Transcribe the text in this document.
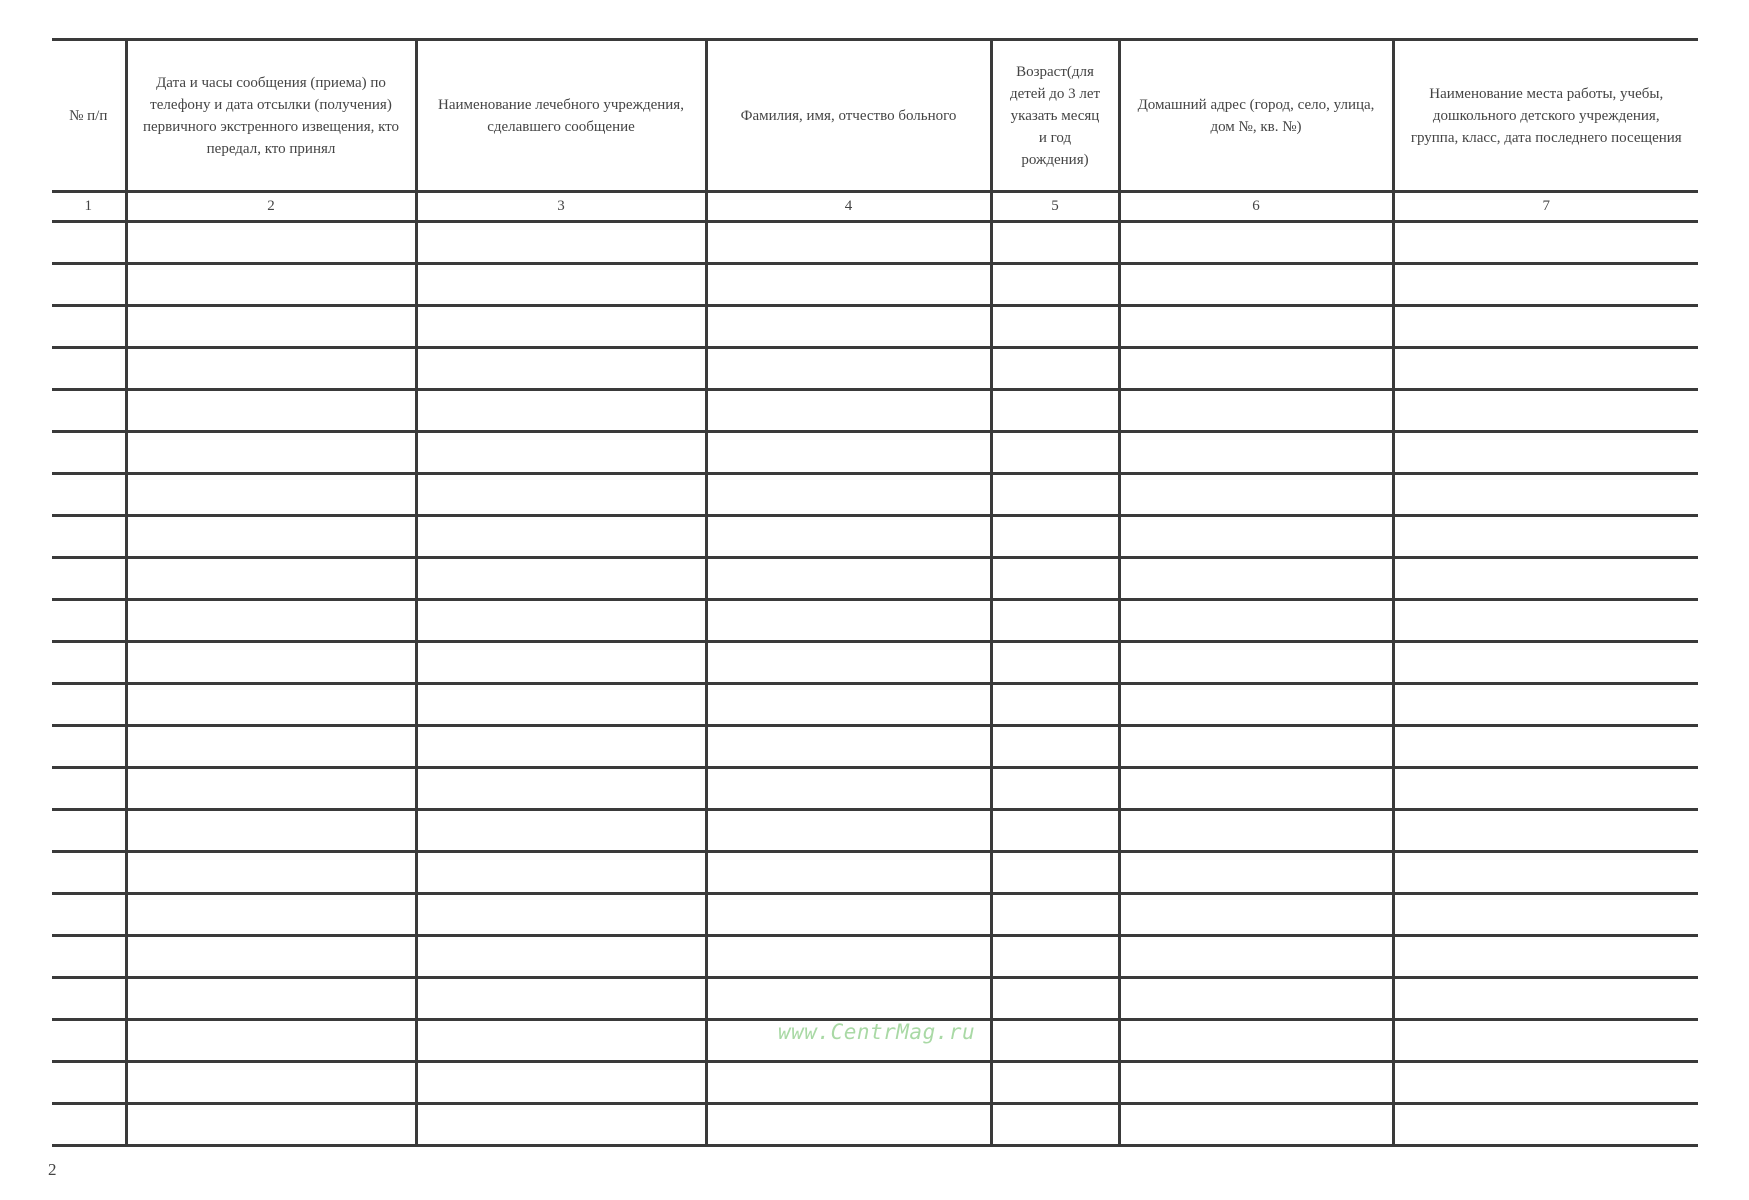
№ п/п	Дата и часы сообщения (приема) по телефону и дата отсылки (получения) первичного экстренного извещения, кто передал, кто принял	Наименование лечебного учреждения, сделавшего сообщение	Фамилия, имя, отчество больного	Возраст(для детей до 3 лет указать месяц и год рождения)	Домашний адрес (город, село, улица, дом №, кв. №)	Наименование места работы, учебы, дошкольного детского учреждения, группа, класс, дата последнего посещения
1	2	3	4	5	6	7

www.CentrMag.ru
2
